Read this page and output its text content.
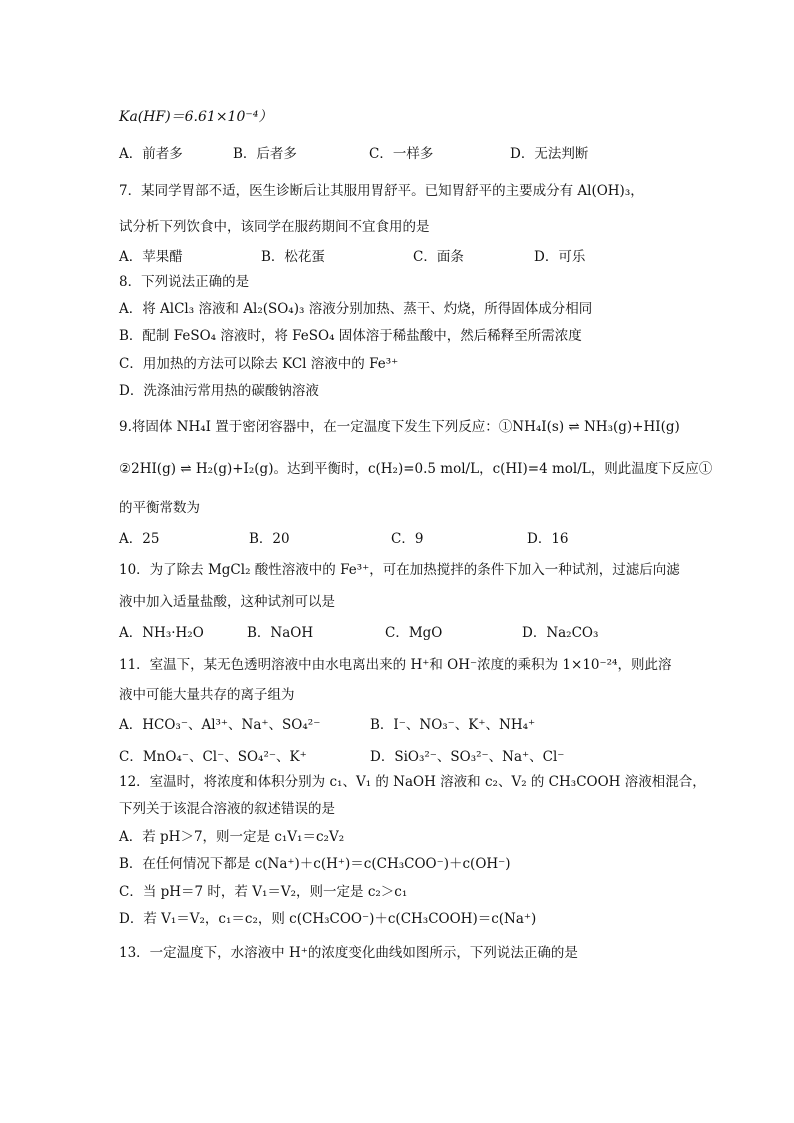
Ka(HF)＝6.61×10⁻⁴）
A．前者多	B．后者多	C．一样多	D．无法判断
7．某同学胃部不适，医生诊断后让其服用胃舒平。已知胃舒平的主要成分有 Al(OH)₃，
试分析下列饮食中，该同学在服药期间不宜食用的是
A．苹果醋	B．松花蛋	C．面条	D．可乐
8．下列说法正确的是
A．将 AlCl₃ 溶液和 Al₂(SO₄)₃ 溶液分别加热、蒸干、灼烧，所得固体成分相同
B．配制 FeSO₄ 溶液时，将 FeSO₄ 固体溶于稀盐酸中，然后稀释至所需浓度
C．用加热的方法可以除去 KCl 溶液中的 Fe³⁺
D．洗涤油污常用热的碳酸钠溶液
9.将固体 NH₄I 置于密闭容器中，在一定温度下发生下列反应：①NH₄I(s) ⇌ NH₃(g)+HI(g)
②2HI(g) ⇌ H₂(g)+I₂(g)。达到平衡时，c(H₂)=0.5 mol/L，c(HI)=4 mol/L，则此温度下反应①
的平衡常数为
A．25	B．20	C．9	D．16
10．为了除去 MgCl₂ 酸性溶液中的 Fe³⁺，可在加热搅拌的条件下加入一种试剂，过滤后向滤
液中加入适量盐酸，这种试剂可以是
A．NH₃·H₂O	B．NaOH	C．MgO	D．Na₂CO₃
11．室温下，某无色透明溶液中由水电离出来的 H⁺和 OH⁻浓度的乘积为 1×10⁻²⁴，则此溶
液中可能大量共存的离子组为
A．HCO₃⁻、Al³⁺、Na⁺、SO₄²⁻	B．I⁻、NO₃⁻、K⁺、NH₄⁺
C．MnO₄⁻、Cl⁻、SO₄²⁻、K⁺	D．SiO₃²⁻、SO₃²⁻、Na⁺、Cl⁻
12．室温时，将浓度和体积分别为 c₁、V₁ 的 NaOH 溶液和 c₂、V₂ 的 CH₃COOH 溶液相混合，
下列关于该混合溶液的叙述错误的是
A．若 pH＞7，则一定是 c₁V₁＝c₂V₂
B．在任何情况下都是 c(Na⁺)＋c(H⁺)＝c(CH₃COO⁻)＋c(OH⁻)
C．当 pH＝7 时，若 V₁＝V₂，则一定是 c₂＞c₁
D．若 V₁＝V₂，c₁＝c₂，则 c(CH₃COO⁻)＋c(CH₃COOH)＝c(Na⁺)
13．一定温度下，水溶液中 H⁺的浓度变化曲线如图所示，下列说法正确的是
